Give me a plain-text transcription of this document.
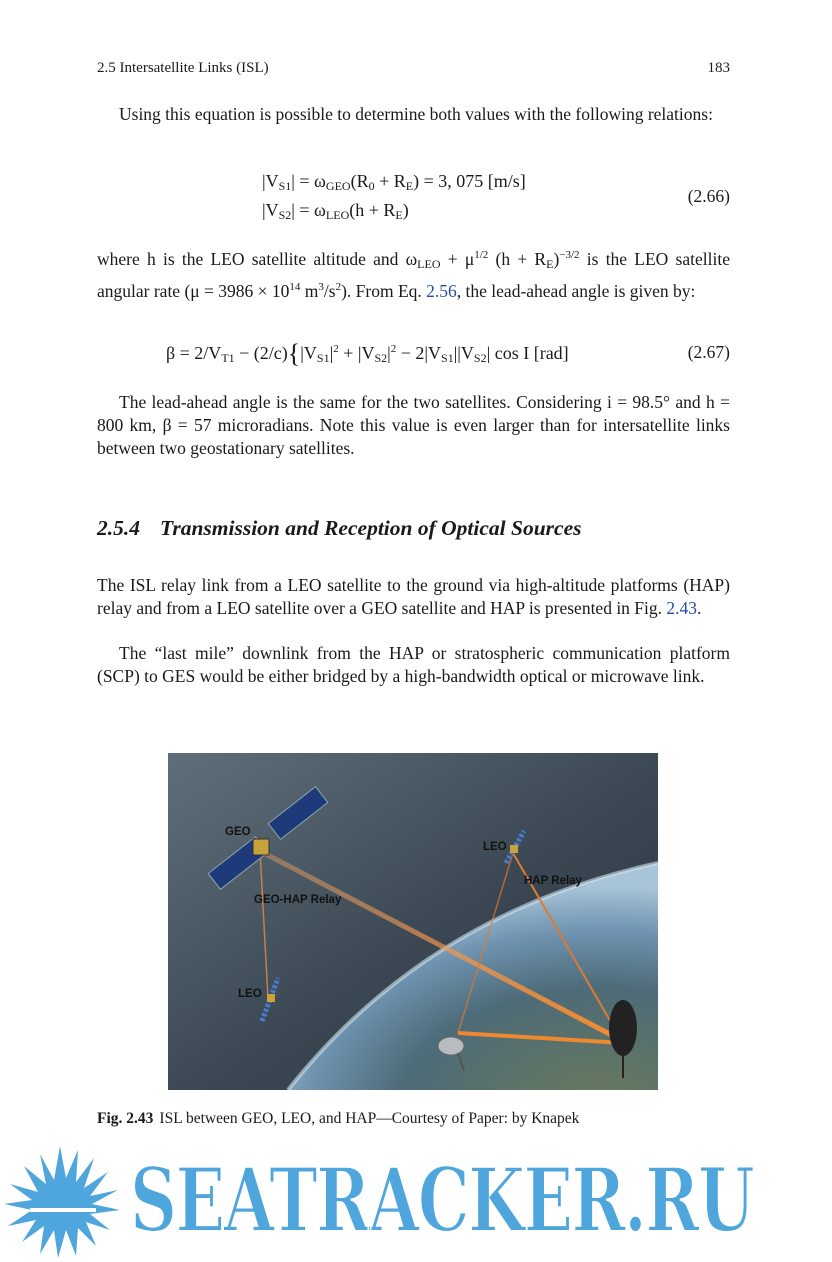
2.5 Intersatellite Links (ISL)	183

Using this equation is possible to determine both values with the following relations:

$|V_{S1}| = \omega_{GEO}(R_0 + R_E) = 3$, 075 [m/s]
$|V_{S2}| = \omega_{LEO}(h + R_E)$
(2.66)

where h is the LEO satellite altitude and $\omega_{LEO} + \mu^{1/2}$ $(h + R_E)^{-3/2}$ is the LEO satellite angular rate ($\mu = 3986 \times 10^{14}$ $m^3/s^2$). From Eq. 2.56, the lead-ahead angle is given by:

$\beta = 2/V_{T1} - (2/c)\{|V_{S1}|^2 + |V_{S2}|^2 - 2|V_{S1}||V_{S2}|$ cos I [rad]	(2.67)

The lead-ahead angle is the same for the two satellites. Considering i = 98.5° and h = 800 km, β = 57 microradians. Note this value is even larger than for intersatellite links between two geostationary satellites.

2.5.4 Transmission and Reception of Optical Sources

The ISL relay link from a LEO satellite to the ground via high-altitude platforms (HAP) relay and from a LEO satellite over a GEO satellite and HAP is presented in Fig. 2.43.

The “last mile” downlink from the HAP or stratospheric communication platform (SCP) to GES would be either bridged by a high-bandwidth optical or microwave link.

GEO
GEO-HAP Relay
LEO
HAP Relay
LEO
Fig. 2.43 ISL between GEO, LEO, and HAP—Courtesy of Paper: by Knapek
SEATRACKER.RU
